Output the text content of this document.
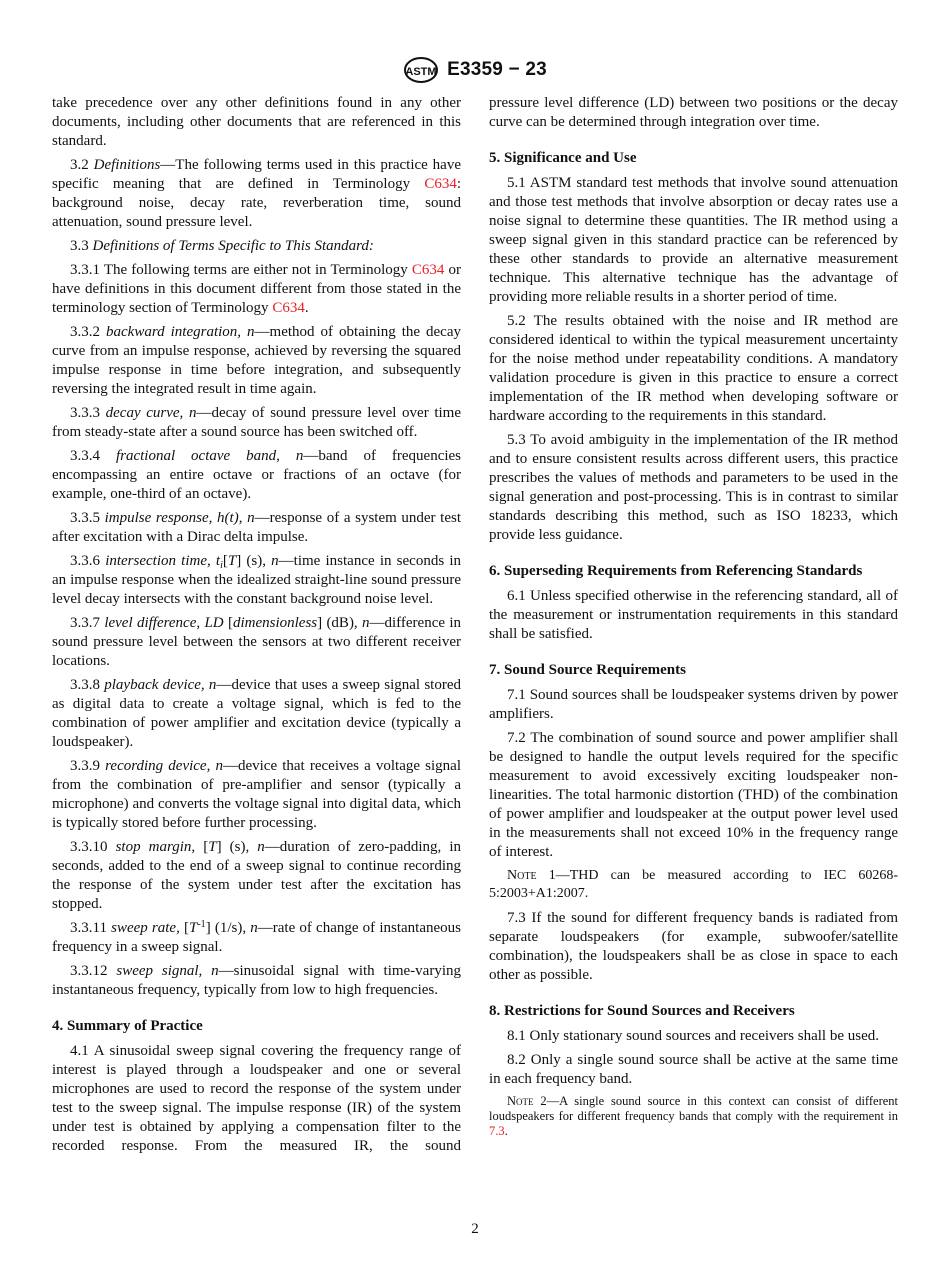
ASTM E3359 − 23
take precedence over any other definitions found in any other documents, including other documents that are referenced in this standard.
3.2 Definitions—The following terms used in this practice have specific meaning that are defined in Terminology C634: background noise, decay rate, reverberation time, sound attenuation, sound pressure level.
3.3 Definitions of Terms Specific to This Standard:
3.3.1 The following terms are either not in Terminology C634 or have definitions in this document different from those stated in the terminology section of Terminology C634.
3.3.2 backward integration, n—method of obtaining the decay curve from an impulse response, achieved by reversing the squared impulse response in time before integration, and subsequently reversing the integrated result in time again.
3.3.3 decay curve, n—decay of sound pressure level over time from steady-state after a sound source has been switched off.
3.3.4 fractional octave band, n—band of frequencies encompassing an entire octave or fractions of an octave (for example, one-third of an octave).
3.3.5 impulse response, h(t), n—response of a system under test after excitation with a Dirac delta impulse.
3.3.6 intersection time, $t_i[T]$ (s), n—time instance in seconds in an impulse response when the idealized straight-line sound pressure level decay intersects with the constant background noise level.
3.3.7 level difference, LD [dimensionless] (dB), n—difference in sound pressure level between the sensors at two different receiver locations.
3.3.8 playback device, n—device that uses a sweep signal stored as digital data to create a voltage signal, which is fed to the combination of power amplifier and excitation device (typically a loudspeaker).
3.3.9 recording device, n—device that receives a voltage signal from the combination of pre-amplifier and sensor (typically a microphone) and converts the voltage signal into digital data, which is typically stored before further processing.
3.3.10 stop margin, [T] (s), n—duration of zero-padding, in seconds, added to the end of a sweep signal to continue recording the response of the system under test after the excitation has stopped.
3.3.11 sweep rate, $[T^{-1}]$ (1/s), n—rate of change of instantaneous frequency in a sweep signal.
3.3.12 sweep signal, n—sinusoidal signal with time-varying instantaneous frequency, typically from low to high frequencies.
4. Summary of Practice
4.1 A sinusoidal sweep signal covering the frequency range of interest is played through a loudspeaker and one or several microphones are used to record the response of the system under test to the sweep signal. The impulse response (IR) of the system under test is obtained by applying a compensation filter to the recorded response. From the measured IR, the sound
pressure level difference (LD) between two positions or the decay curve can be determined through integration over time.
5. Significance and Use
5.1 ASTM standard test methods that involve sound attenuation and those test methods that involve absorption or decay rates use a noise signal to determine these quantities. The IR method using a sweep signal given in this standard practice can be referenced by these other standards to provide an alternative measurement technique. This alternative technique has the advantage of providing more reliable results in a shorter period of time.
5.2 The results obtained with the noise and IR method are considered identical to within the typical measurement uncertainty for the noise method under repeatability conditions. A mandatory validation procedure is given in this practice to ensure a correct implementation of the IR method when developing software or hardware according to the requirements in this standard.
5.3 To avoid ambiguity in the implementation of the IR method and to ensure consistent results across different users, this practice prescribes the values of methods and parameters to be used in the signal generation and post-processing. This is in contrast to similar standards describing this method, such as ISO 18233, which provide less guidance.
6. Superseding Requirements from Referencing Standards
6.1 Unless specified otherwise in the referencing standard, all of the measurement or instrumentation requirements in this standard shall be satisfied.
7. Sound Source Requirements
7.1 Sound sources shall be loudspeaker systems driven by power amplifiers.
7.2 The combination of sound source and power amplifier shall be designed to handle the output levels required for the specific measurement to avoid excessively exciting loudspeaker non-linearities. The total harmonic distortion (THD) of the combination of power amplifier and loudspeaker at the output power level used in the measurements shall not exceed 10% in the frequency range of interest.
Note 1—THD can be measured according to IEC 60268-5:2003+A1:2007.
7.3 If the sound for different frequency bands is radiated from separate loudspeakers (for example, subwoofer/satellite combination), the loudspeakers shall be as close in space to each other as possible.
8. Restrictions for Sound Sources and Receivers
8.1 Only stationary sound sources and receivers shall be used.
8.2 Only a single sound source shall be active at the same time in each frequency band.
Note 2—A single sound source in this context can consist of different loudspeakers for different frequency bands that comply with the requirement in 7.3.
2
